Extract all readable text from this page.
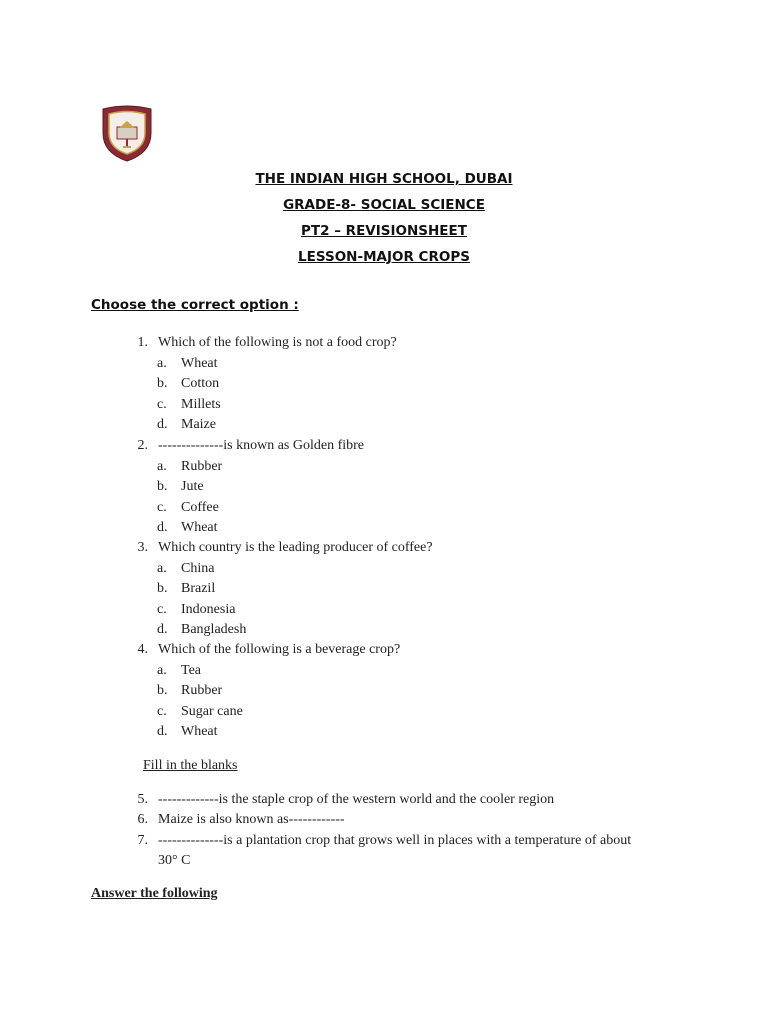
THE INDIAN HIGH SCHOOL, DUBAI
GRADE-8- SOCIAL SCIENCE
PT2 – REVISIONSHEET
LESSON-MAJOR CROPS
Choose the correct option :
1. Which of the following is not a food crop?
a. Wheat
b. Cotton
c. Millets
d. Maize
2. --------------is known as Golden fibre
a. Rubber
b. Jute
c. Coffee
d. Wheat
3. Which country is the leading producer of coffee?
a. China
b. Brazil
c. Indonesia
d. Bangladesh
4. Which of the following is a beverage crop?
a. Tea
b. Rubber
c. Sugar cane
d. Wheat
Fill in the blanks
5. -------------is the staple crop of the western world and the cooler region
6. Maize is also known as------------
7. --------------is a plantation crop that grows well in places with a temperature of about
30° C
Answer the following
